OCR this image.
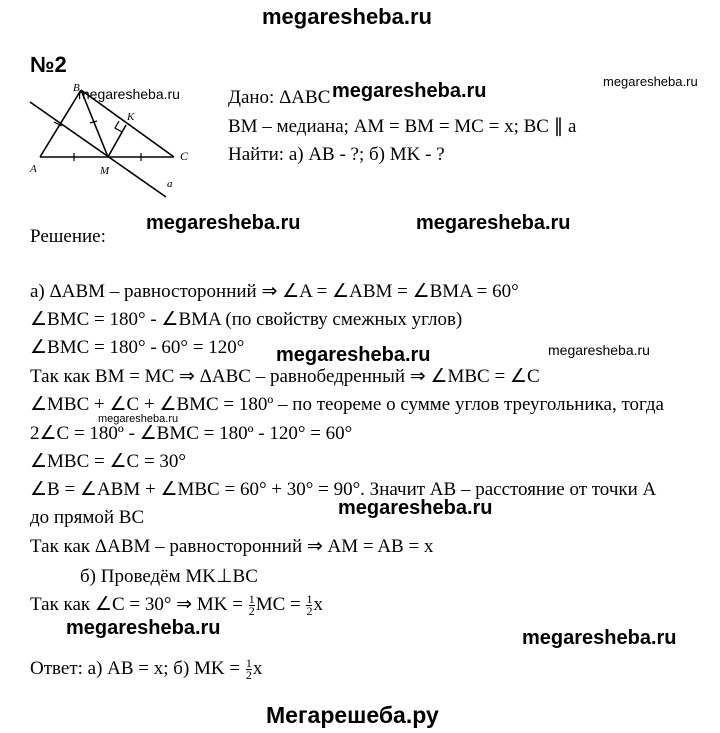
megaresheba.ru
№2
B
K
A	M
C
a
megaresheba.ru	Дано: ΔABC megaresheba.ru	megaresheba.ru
BM – медиана; AM = BM = MC = x; BC ∥ a
Найти: а) AB - ?; б) MK - ?
megaresheba.ru	megaresheba.ru
Решение:
а) ΔABM – равносторонний ⇒ ∠A = ∠ABM = ∠BMA = 60°
∠BMC = 180° - ∠BMA (по свойству смежных углов)
∠BMC = 180° - 60° = 120° megaresheba.ru	megaresheba.ru
Так как BM = MC ⇒ ΔABC – равнобедренный ⇒ ∠MBC = ∠C
∠MBC + ∠C + ∠BMC = 180º – по теореме о сумме углов треугольника, тогда
megaresheba.ru
2∠C = 180º - ∠BMC = 180º - 120° = 60°
∠MBC = ∠C = 30°
∠B = ∠ABM + ∠MBC = 60° + 30° = 90°. Значит AB – расстояние от точки A
до прямой BC	megaresheba.ru
Так как ΔABM – равносторонний ⇒ AM = AB = x
б) Проведём MK⊥BC
Так как ∠C = 30° ⇒ MK = $\frac{1}{2}$ MC = $\frac{1}{2}$ x
megaresheba.ru	megaresheba.ru
Ответ: а) AB = x; б) MK = $\frac{1}{2}$ x
Мегарешеба.ру
